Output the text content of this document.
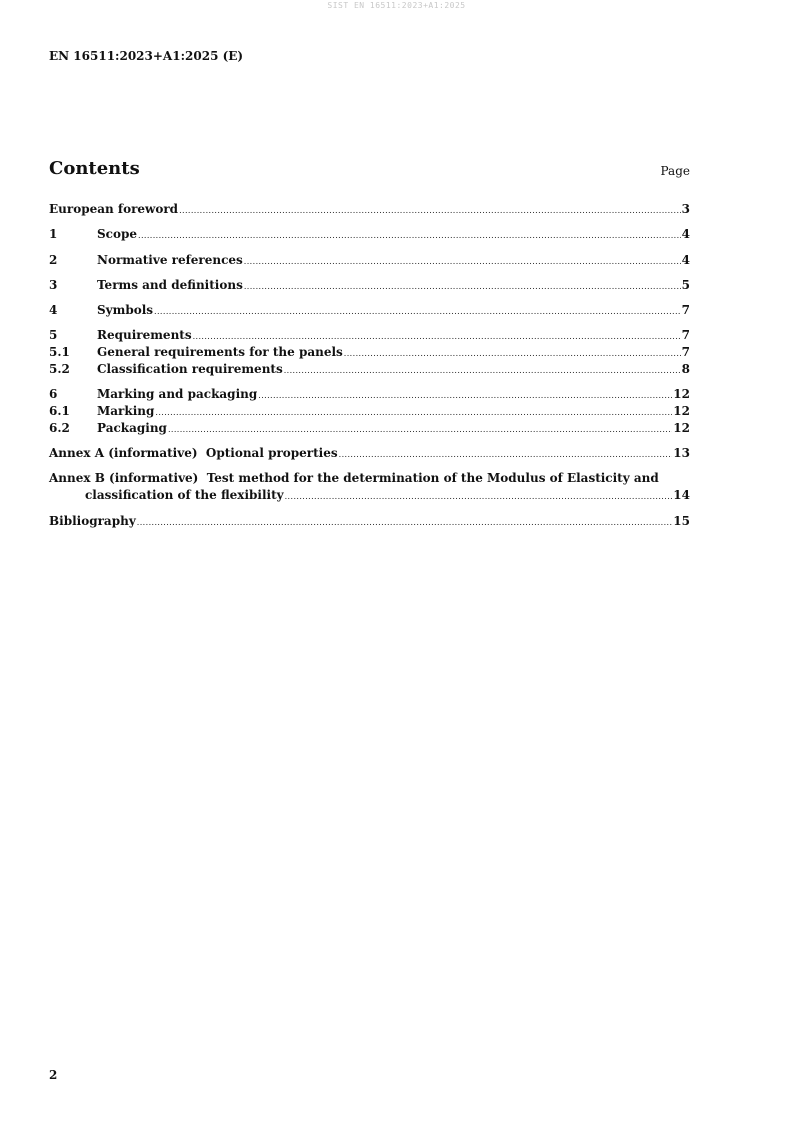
SIST EN 16511:2023+A1:2025
EN 16511:2023+A1:2025 (E)
Contents	Page
European foreword .....	3
1	Scope .....	4
2	Normative references .....	4
3	Terms and definitions .....	5
4	Symbols .....	7
5	Requirements .....	7
5.1	General requirements for the panels .....	7
5.2	Classification requirements .....	8
6	Marking and packaging .....	12
6.1	Marking .....	12
6.2	Packaging .....	12
Annex A (informative)  Optional properties .....	13
Annex B (informative)  Test method for the determination of the Modulus of Elasticity and
classification of the flexibility .....	14
Bibliography .....	15
2
